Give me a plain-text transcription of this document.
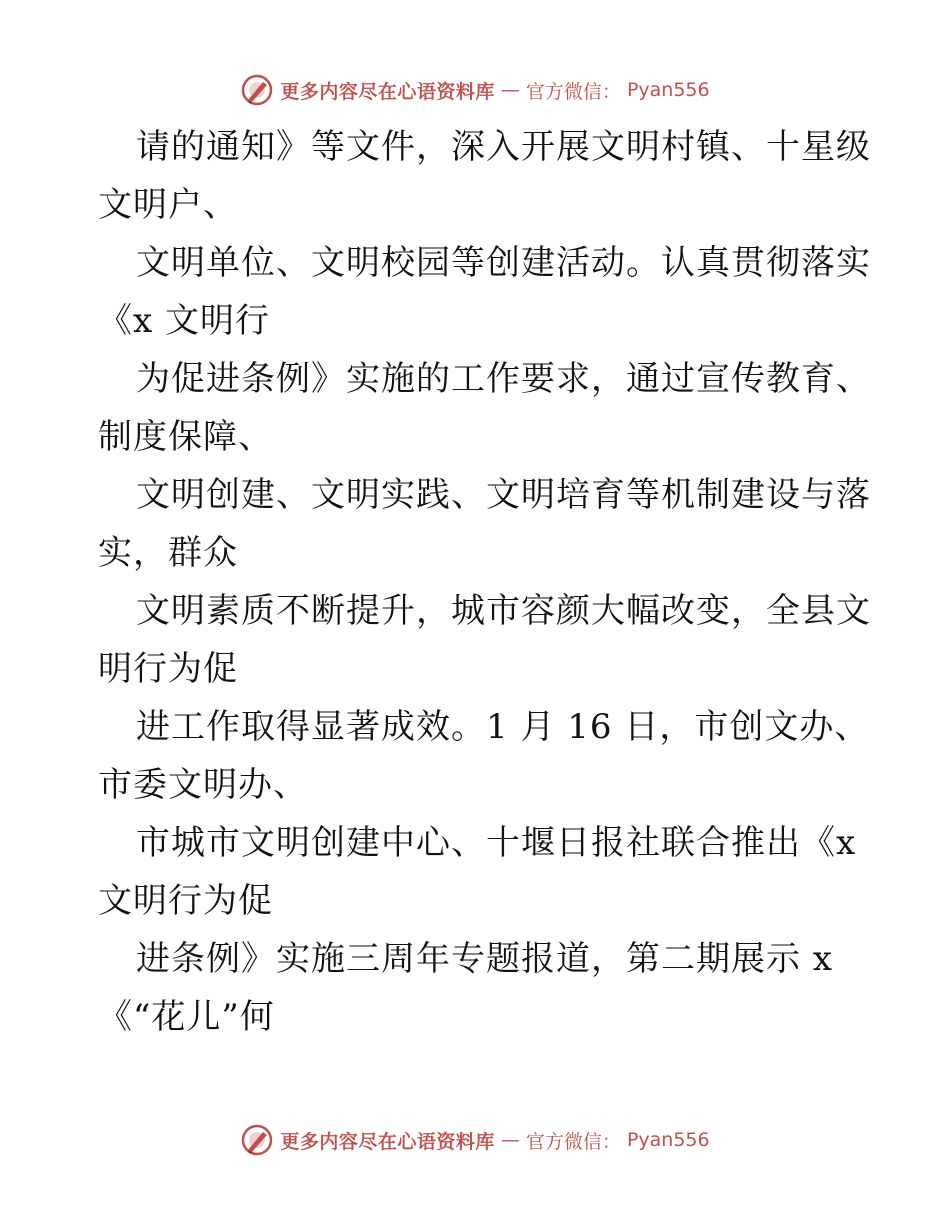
更多内容尽在心语资料库 — 官方微信： Pyan556
请的通知》等文件，深入开展文明村镇、十星级
文明户、
文明单位、文明校园等创建活动。认真贯彻落实
《x 文明行
为促进条例》实施的工作要求，通过宣传教育、
制度保障、
文明创建、文明实践、文明培育等机制建设与落
实，群众
文明素质不断提升，城市容颜大幅改变，全县文
明行为促
进工作取得显著成效。1 月 16 日，市创文办、
市委文明办、
市城市文明创建中心、十堰日报社联合推出《x
文明行为促
进条例》实施三周年专题报道，第二期展示 x
《“花儿”何
更多内容尽在心语资料库 — 官方微信： Pyan556
